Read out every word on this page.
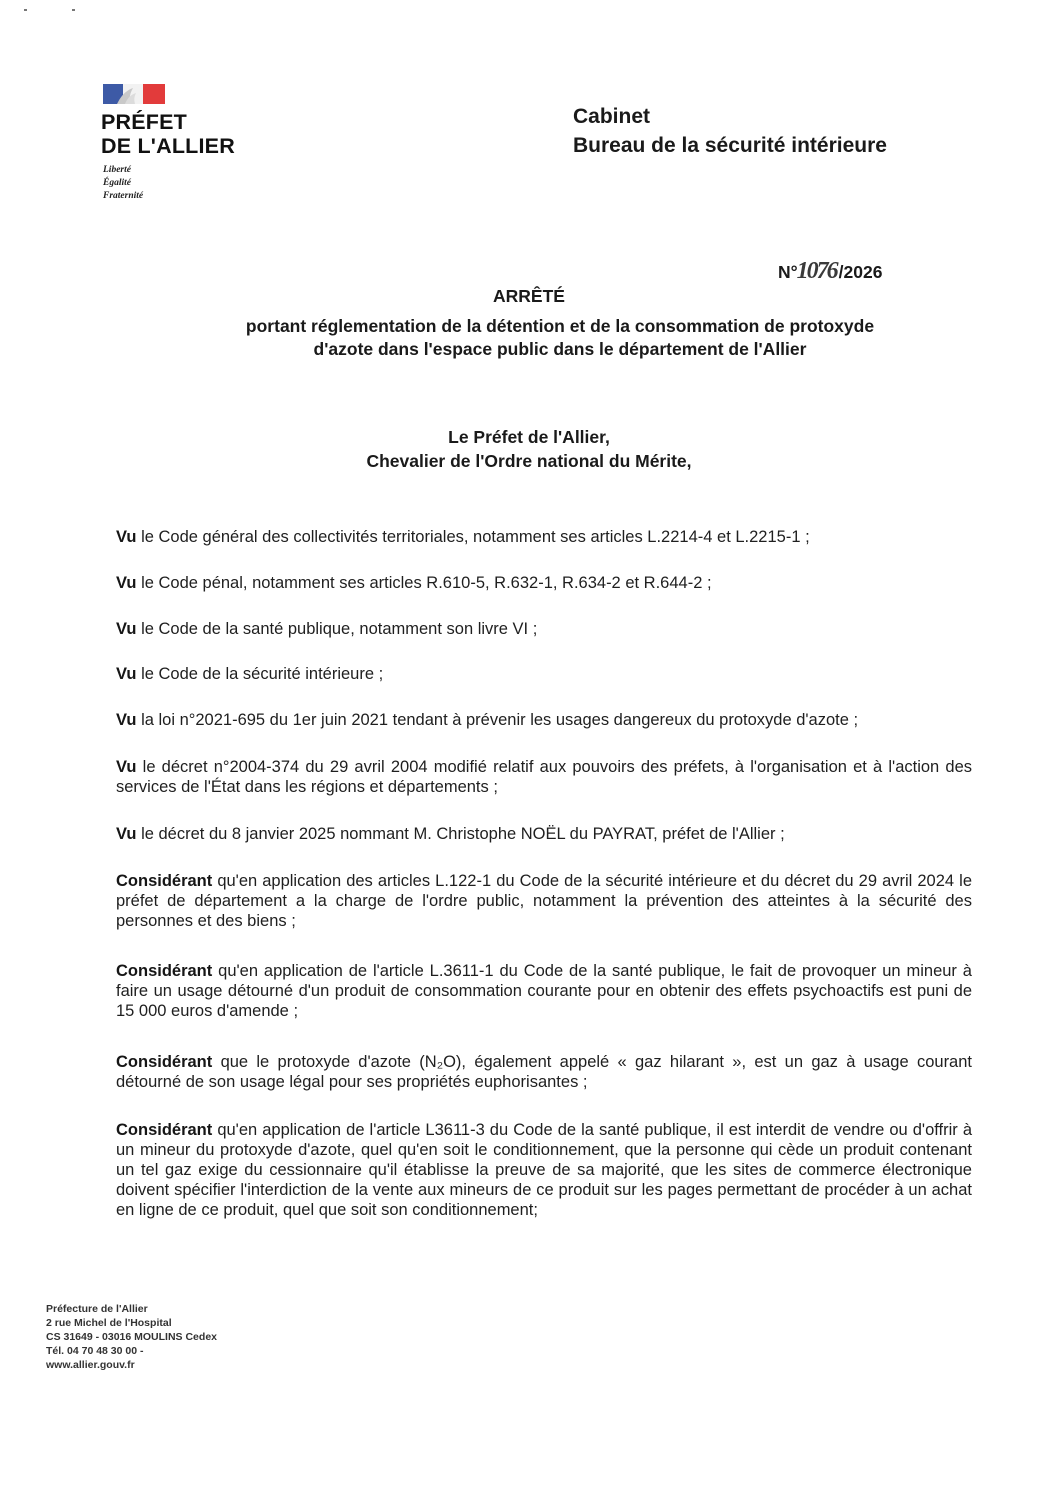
PRÉFET
DE L'ALLIER
Liberté
Égalité
Fraternité
Cabinet
Bureau de la sécurité intérieure
N°1076 /2026
ARRÊTÉ
portant réglementation de la détention et de la consommation de protoxyde
d'azote dans l'espace public dans le département de l'Allier
Le Préfet de l'Allier,
Chevalier de l'Ordre national du Mérite,
Vu le Code général des collectivités territoriales, notamment ses articles L.2214-4 et L.2215-1 ;
Vu le Code pénal, notamment ses articles R.610-5, R.632-1, R.634-2 et R.644-2 ;
Vu le Code de la santé publique, notamment son livre VI ;
Vu le Code de la sécurité intérieure ;
Vu la loi n°2021-695 du 1er juin 2021 tendant à prévenir les usages dangereux du protoxyde d'azote ;
Vu le décret n°2004-374 du 29 avril 2004 modifié relatif aux pouvoirs des préfets, à l'organisation et à l'action des services de l'État dans les régions et départements ;
Vu le décret du 8 janvier 2025 nommant M. Christophe NOËL du PAYRAT, préfet de l'Allier ;
Considérant qu'en application des articles L.122-1 du Code de la sécurité intérieure et du décret du 29 avril 2024 le préfet de département a la charge de l'ordre public, notamment la prévention des atteintes à la sécurité des personnes et des biens ;
Considérant qu'en application de l'article L.3611-1 du Code de la santé publique, le fait de provoquer un mineur à faire un usage détourné d'un produit de consommation courante pour en obtenir des effets psychoactifs est puni de 15 000 euros d'amende ;
Considérant que le protoxyde d'azote (N₂O), également appelé « gaz hilarant », est un gaz à usage courant détourné de son usage légal pour ses propriétés euphorisantes ;
Considérant qu'en application de l'article L3611-3 du Code de la santé publique, il est interdit de vendre ou d'offrir à un mineur du protoxyde d'azote, quel qu'en soit le conditionnement, que la personne qui cède un produit contenant un tel gaz exige du cessionnaire qu'il établisse la preuve de sa majorité, que les sites de commerce électronique doivent spécifier l'interdiction de la vente aux mineurs de ce produit sur les pages permettant de procéder à un achat en ligne de ce produit, quel que soit son conditionnement;
Préfecture de l'Allier
2 rue Michel de l'Hospital
CS 31649 - 03016 MOULINS Cedex
Tél. 04 70 48 30 00 -
www.allier.gouv.fr
